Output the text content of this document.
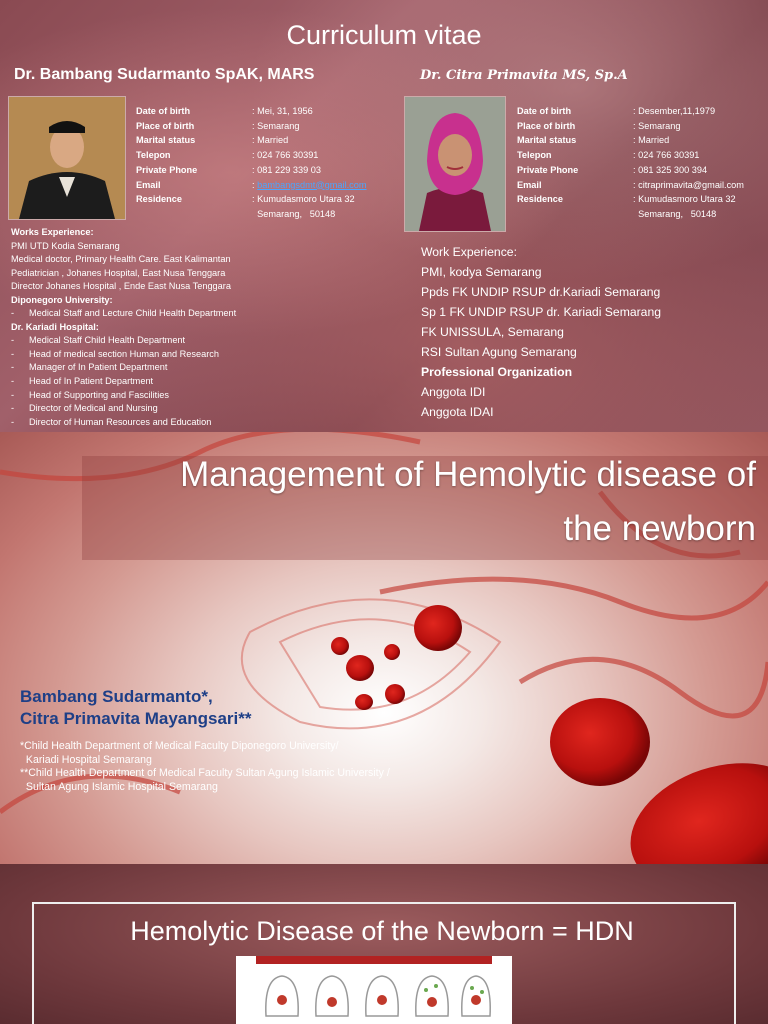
Curriculum vitae
Dr. Bambang Sudarmanto SpAK, MARS	Dr. Citra Primavita MS, Sp.A
Date of birth	: Mei, 31, 1956
Place of birth	: Semarang
Marital status	: Married
Telepon	: 024 766 30391
Private Phone	: 081 229 339 03
Email	: bambangsdmt@gmail.com
Residence	: Kumudasmoro Utara 32
Semarang,   50148
Date of birth	: Desember,11,1979
Place of birth	: Semarang
Marital status	: Married
Telepon	: 024 766 30391
Private Phone	: 081 325 300 394
Email	: citraprimavita@gmail.com
Residence	: Kumudasmoro Utara 32
Semarang,   50148
Works Experience:
PMI UTD Kodia Semarang
Medical doctor, Primary Health Care. East Kalimantan
Pediatrician , Johanes Hospital, East Nusa Tenggara
Director Johanes Hospital , Ende East Nusa Tenggara
Diponegoro University:
-	Medical Staff and Lecture Child Health Department
Dr. Kariadi Hospital:
-	Medical Staff Child Health Department
-	Head of medical section Human and Research
-	Manager of In Patient Department
-	Head of In Patient Department
-	Head of Supporting and Fascilities
-	Director of Medical and Nursing
-	Director of Human Resources and Education
Work Experience:
PMI, kodya Semarang
Ppds FK UNDIP RSUP dr.Kariadi Semarang
Sp 1 FK UNDIP RSUP dr. Kariadi Semarang
FK UNISSULA, Semarang
RSI Sultan Agung Semarang
Professional Organization
Anggota IDI
Anggota IDAI
Management of Hemolytic disease of
the newborn
Bambang Sudarmanto*,
Citra Primavita Mayangsari**
*Child Health Department of Medical Faculty Diponegoro University/
Kariadi Hospital Semarang
**Child Health Department of Medical Faculty Sultan Agung Islamic University /
Sultan Agung Islamic Hospital Semarang
Hemolytic Disease of the Newborn = HDN
